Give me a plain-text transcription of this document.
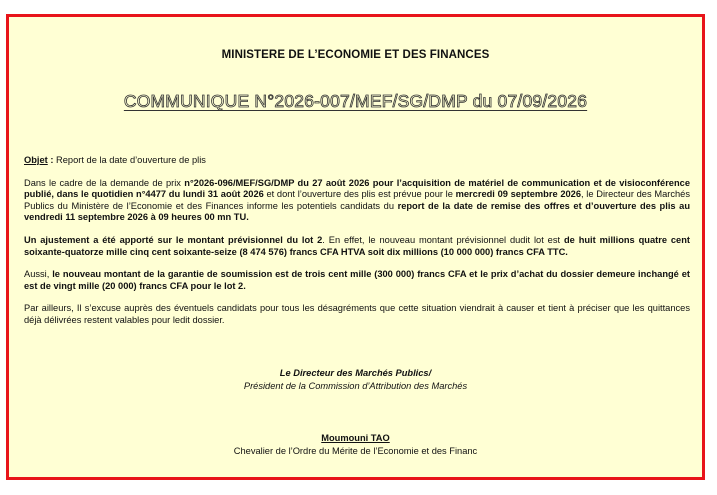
MINISTERE DE L’ECONOMIE ET DES FINANCES
COMMUNIQUE N°2026-007/MEF/SG/DMP du 07/09/2026

Objet : Report de la date d’ouverture de plis

Dans le cadre de la demande de prix n°2026-096/MEF/SG/DMP du 27 août 2026 pour l’acquisition de matériel de communication et de visioconférence publié, dans le quotidien n°4477 du lundi 31 août 2026 et dont l’ouverture des plis est prévue pour le mercredi 09 septembre 2026, le Directeur des Marchés Publics du Ministère de l’Economie et des Finances informe les potentiels candidats du report de la date de remise des offres et d’ouverture des plis au vendredi 11 septembre 2026 à 09 heures 00 mn TU.

Un ajustement a été apporté sur le montant prévisionnel du lot 2. En effet, le nouveau montant prévisionnel dudit lot est de huit millions quatre cent soixante-quatorze mille cinq cent soixante-seize (8 474 576) francs CFA HTVA soit dix millions (10 000 000) francs CFA TTC.

Aussi, le nouveau montant de la garantie de soumission est de trois cent mille (300 000) francs CFA et le prix d’achat du dossier demeure inchangé et est de vingt mille (20 000) francs CFA pour le lot 2.

Par ailleurs, Il s’excuse auprès des éventuels candidats pour tous les désagréments que cette situation viendrait à causer et tient à préciser que les quittances déjà délivrées restent valables pour ledit dossier.

Le Directeur des Marchés Publics/
Président de la Commission d’Attribution des Marchés
Moumouni TAO
Chevalier de l’Ordre du Mérite de l’Economie et des Financ
